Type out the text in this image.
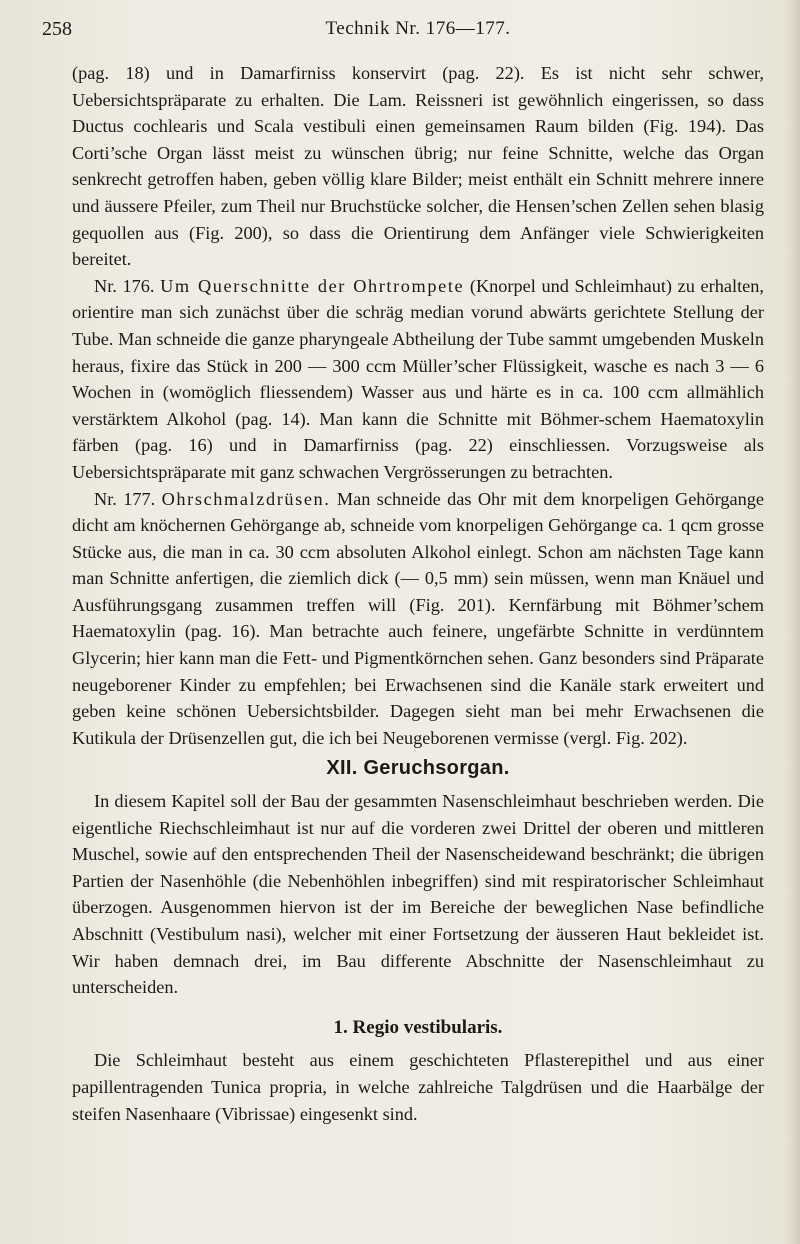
258	Technik Nr. 176—177.

(pag. 18) und in Damarfirniss konservirt (pag. 22). Es ist nicht sehr schwer, Uebersichtspräparate zu erhalten. Die Lam. Reissneri ist gewöhnlich eingerissen, so dass Ductus cochlearis und Scala vestibuli einen gemeinsamen Raum bilden (Fig. 194). Das Corti’sche Organ lässt meist zu wünschen übrig; nur feine Schnitte, welche das Organ senkrecht getroffen haben, geben völlig klare Bilder; meist enthält ein Schnitt mehrere innere und äussere Pfeiler, zum Theil nur Bruchstücke solcher, die Hensen’schen Zellen sehen blasig gequollen aus (Fig. 200), so dass die Orientirung dem Anfänger viele Schwierigkeiten bereitet.

Nr. 176. Um Querschnitte der Ohrtrompete (Knorpel und Schleimhaut) zu erhalten, orientire man sich zunächst über die schräg median vorund abwärts gerichtete Stellung der Tube. Man schneide die ganze pharyngeale Abtheilung der Tube sammt umgebenden Muskeln heraus, fixire das Stück in 200 — 300 ccm Müller’scher Flüssigkeit, wasche es nach 3 — 6 Wochen in (womöglich fliessendem) Wasser aus und härte es in ca. 100 ccm allmählich verstärktem Alkohol (pag. 14). Man kann die Schnitte mit Böhmer-schem Haematoxylin färben (pag. 16) und in Damarfirniss (pag. 22) einschliessen. Vorzugsweise als Uebersichtspräparate mit ganz schwachen Vergrösserungen zu betrachten.

Nr. 177. Ohrschmalzdrüsen. Man schneide das Ohr mit dem knorpeligen Gehörgange dicht am knöchernen Gehörgange ab, schneide vom knorpeligen Gehörgange ca. 1 qcm grosse Stücke aus, die man in ca. 30 ccm absoluten Alkohol einlegt. Schon am nächsten Tage kann man Schnitte anfertigen, die ziemlich dick (— 0,5 mm) sein müssen, wenn man Knäuel und Ausführungsgang zusammen treffen will (Fig. 201). Kernfärbung mit Böhmer’schem Haematoxylin (pag. 16). Man betrachte auch feinere, ungefärbte Schnitte in verdünntem Glycerin; hier kann man die Fett- und Pigmentkörnchen sehen. Ganz besonders sind Präparate neugeborener Kinder zu empfehlen; bei Erwachsenen sind die Kanäle stark erweitert und geben keine schönen Uebersichtsbilder. Dagegen sieht man bei mehr Erwachsenen die Kutikula der Drüsenzellen gut, die ich bei Neugeborenen vermisse (vergl. Fig. 202).

XII. Geruchsorgan.

In diesem Kapitel soll der Bau der gesammten Nasenschleimhaut beschrieben werden. Die eigentliche Riechschleimhaut ist nur auf die vorderen zwei Drittel der oberen und mittleren Muschel, sowie auf den entsprechenden Theil der Nasenscheidewand beschränkt; die übrigen Partien der Nasenhöhle (die Nebenhöhlen inbegriffen) sind mit respiratorischer Schleimhaut überzogen. Ausgenommen hiervon ist der im Bereiche der beweglichen Nase befindliche Abschnitt (Vestibulum nasi), welcher mit einer Fortsetzung der äusseren Haut bekleidet ist. Wir haben demnach drei, im Bau differente Abschnitte der Nasenschleimhaut zu unterscheiden.

1. Regio vestibularis.

Die Schleimhaut besteht aus einem geschichteten Pflasterepithel und aus einer papillentragenden Tunica propria, in welche zahlreiche Talgdrüsen und die Haarbälge der steifen Nasenhaare (Vibrissae) eingesenkt sind.
